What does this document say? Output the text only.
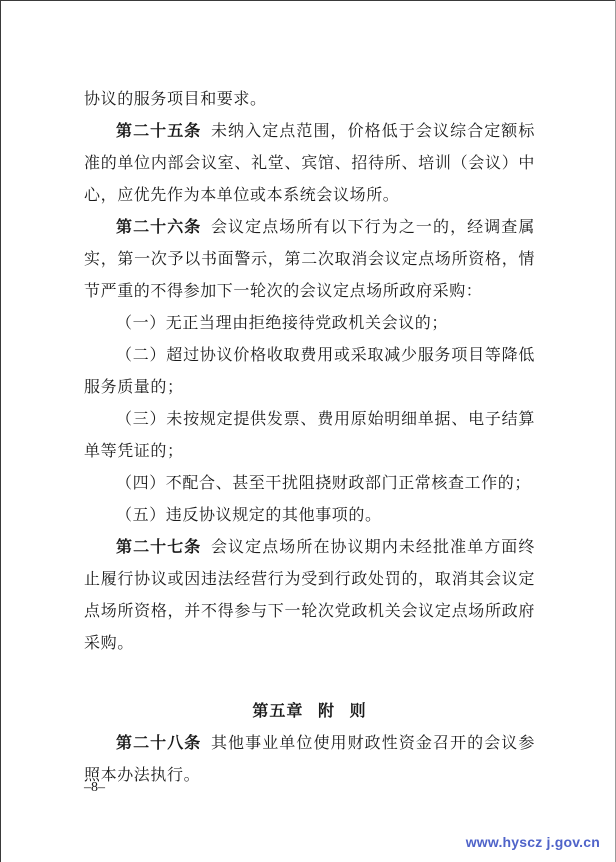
协议的服务项目和要求。

第二十五条 未纳入定点范围，价格低于会议综合定额标准的单位内部会议室、礼堂、宾馆、招待所、培训（会议）中心，应优先作为本单位或本系统会议场所。

第二十六条 会议定点场所有以下行为之一的，经调查属实，第一次予以书面警示，第二次取消会议定点场所资格，情节严重的不得参加下一轮次的会议定点场所政府采购：

（一）无正当理由拒绝接待党政机关会议的；

（二）超过协议价格收取费用或采取减少服务项目等降低服务质量的；

（三）未按规定提供发票、费用原始明细单据、电子结算单等凭证的；

（四）不配合、甚至干扰阻挠财政部门正常核查工作的；

（五）违反协议规定的其他事项的。

第二十七条 会议定点场所在协议期内未经批准单方面终止履行协议或因违法经营行为受到行政处罚的，取消其会议定点场所资格，并不得参与下一轮次党政机关会议定点场所政府采购。

第五章 附 则

第二十八条 其他事业单位使用财政性资金召开的会议参照本办法执行。

–8–
www.hyscz j.gov.cn
